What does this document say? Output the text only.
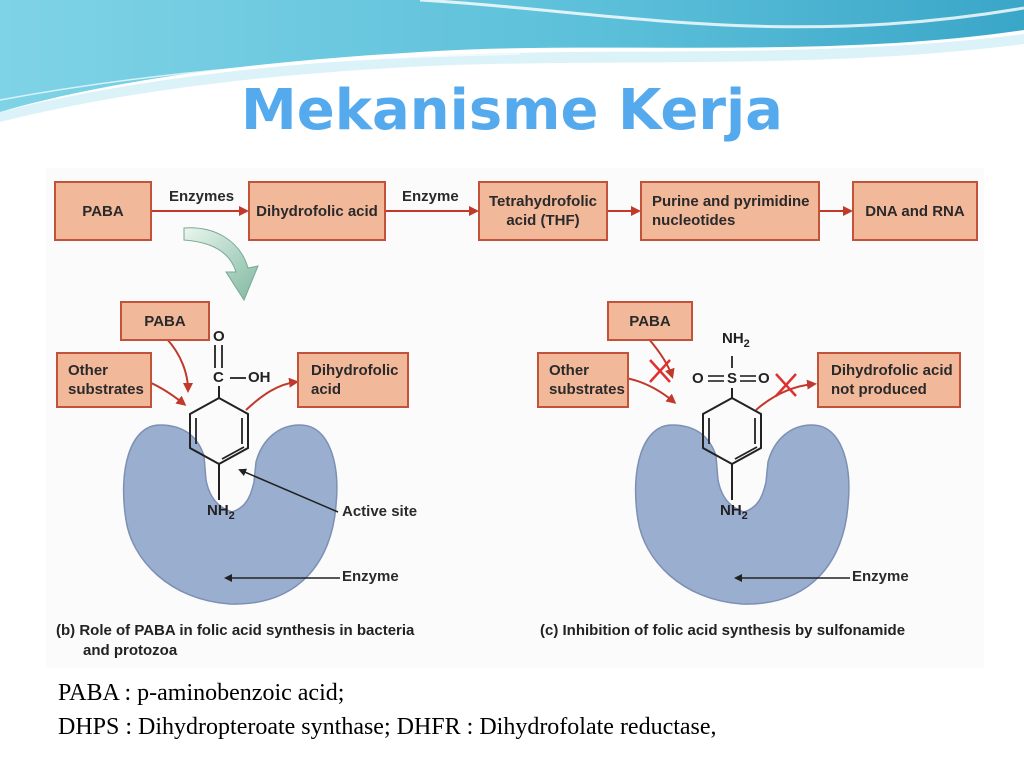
Mekanisme Kerja
PABA	Dihydrofolic acid
Tetrahydrofolic
acid (THF)
Purine and pyrimidine
nucleotides
DNA and RNA
Enzymes	Enzyme
PABA
Other
substrates
Dihydrofolic
acid
O
C OH
$NH_2$	Active site
Enzyme
(b) Role of PABA in folic acid synthesis in bacteria
and protozoa
PABA
Other
substrates
Dihydrofolic acid
not produced
$NH_2$
O S O
$NH_2$
Enzyme
(c) Inhibition of folic acid synthesis by sulfonamide
PABA : p-aminobenzoic acid;
DHPS : Dihydropteroate synthase; DHFR : Dihydrofolate reductase,
